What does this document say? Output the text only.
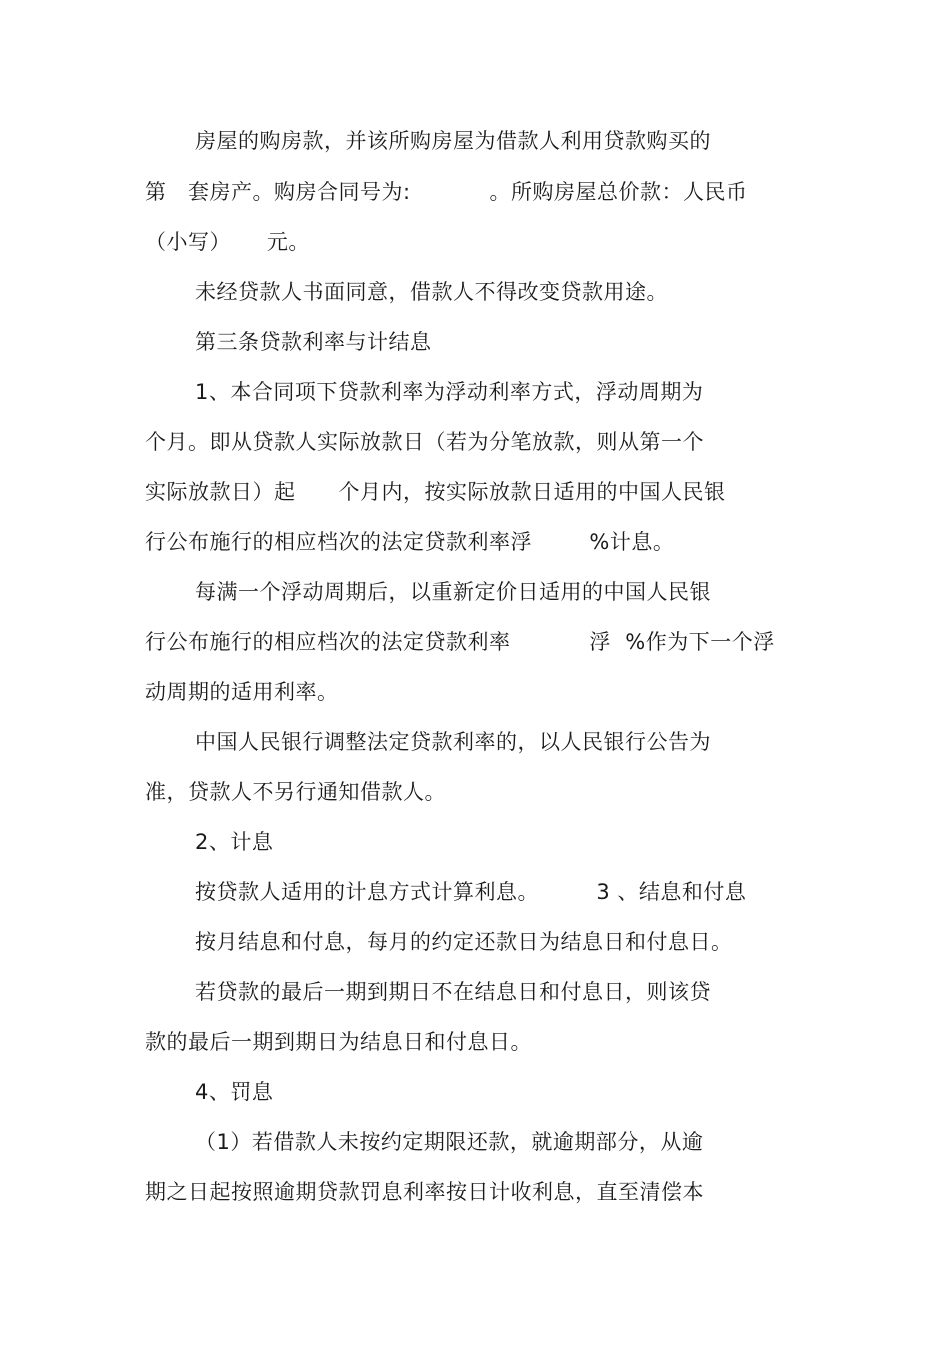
房屋的购房款，并该所购房屋为借款人利用贷款购买的
第   套房产。购房合同号为:           。所购房屋总价款：人民币
（小写）     元。
未经贷款人书面同意，借款人不得改变贷款用途。
第三条贷款利率与计结息
1、本合同项下贷款利率为浮动利率方式，浮动周期为
个月。即从贷款人实际放款日（若为分笔放款，则从第一个
实际放款日）起      个月内，按实际放款日适用的中国人民银
行公布施行的相应档次的法定贷款利率浮        %计息。
每满一个浮动周期后，以重新定价日适用的中国人民银
行公布施行的相应档次的法定贷款利率           浮  %作为下一个浮
动周期的适用利率。
中国人民银行调整法定贷款利率的，以人民银行公告为
准，贷款人不另行通知借款人。
2、计息
按贷款人适用的计息方式计算利息。        3 、结息和付息
按月结息和付息，每月的约定还款日为结息日和付息日。
若贷款的最后一期到期日不在结息日和付息日，则该贷
款的最后一期到期日为结息日和付息日。
4、罚息
（1）若借款人未按约定期限还款，就逾期部分，从逾
期之日起按照逾期贷款罚息利率按日计收利息，直至清偿本
